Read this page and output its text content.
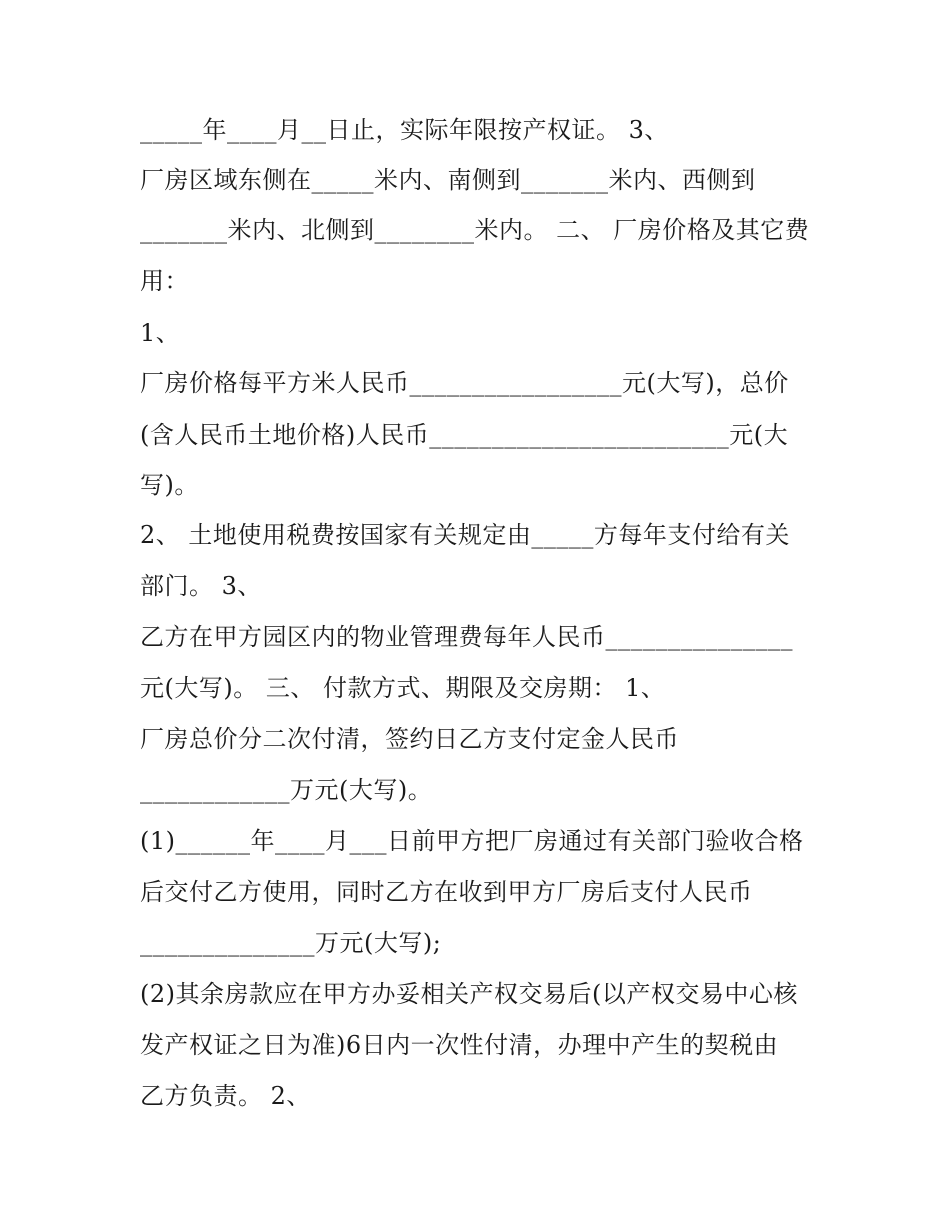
_____年____月__日止，实际年限按产权证。 3、
厂房区域东侧在_____米内、南侧到_______米内、西侧到
_______米内、北侧到________米内。 二、 厂房价格及其它费
用：
1、
厂房价格每平方米人民币_________________元(大写)，总价
(含人民币土地价格)人民币________________________元(大
写)。
2、 土地使用税费按国家有关规定由_____方每年支付给有关
部门。 3、
乙方在甲方园区内的物业管理费每年人民币_______________
元(大写)。 三、 付款方式、期限及交房期： 1、
厂房总价分二次付清，签约日乙方支付定金人民币
____________万元(大写)。
(1)______年____月___日前甲方把厂房通过有关部门验收合格
后交付乙方使用，同时乙方在收到甲方厂房后支付人民币
______________万元(大写);
(2)其余房款应在甲方办妥相关产权交易后(以产权交易中心核
发产权证之日为准)6日内一次性付清，办理中产生的契税由
乙方负责。 2、
